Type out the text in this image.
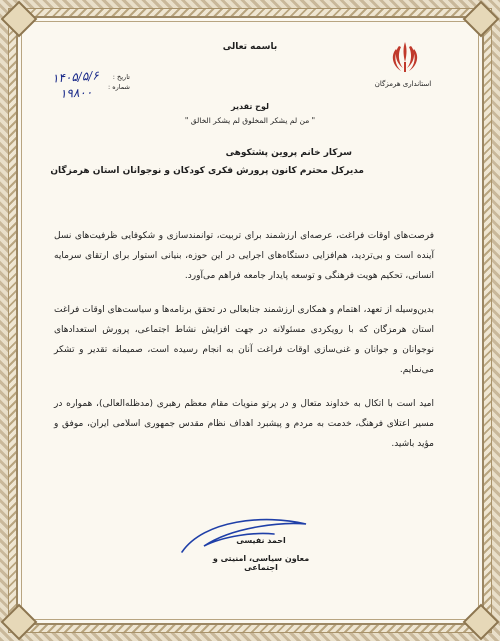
باسمه تعالی
استانداری هرمزگان
تاریخ :
شماره :
۱۴۰۵/۵/۶
۱۹۸۰۰
لوح تقدیر
" من لم یشکر المخلوق لم یشکر الخالق "
سرکار خانم پروین پشتکوهی
مدیرکل محترم کانون پرورش فکری کودکان و نوجوانان استان هرمزگان

فرصت‌های اوقات فراغت، عرصه‌ای ارزشمند برای تربیت، توانمندسازی و شکوفایی ظرفیت‌های نسل آینده است و بی‌تردید، هم‌افزایی دستگاه‌های اجرایی در این حوزه، بنیانی استوار برای ارتقای سرمایه انسانی، تحکیم هویت فرهنگی و توسعه پایدار جامعه فراهم می‌آورد.

بدین‌وسیله از تعهد، اهتمام و همکاری ارزشمند جنابعالی در تحقق برنامه‌ها و سیاست‌های اوقات فراغت استان هرمزگان که با رویکردی مسئولانه در جهت افزایش نشاط اجتماعی، پرورش استعدادهای نوجوانان و جوانان و غنی‌سازی اوقات فراغت آنان به انجام رسیده است، صمیمانه تقدیر و تشکر می‌نمایم.

امید است با اتکال به خداوند متعال و در پرتو منویات مقام معظم رهبری (مدظله‌العالی)، همواره در مسیر اعتلای فرهنگ، خدمت به مردم و پیشبرد اهداف نظام مقدس جمهوری اسلامی ایران، موفق و مؤید باشید.

احمد نفیسی
معاون سیاسی، امنیتی و اجتماعی
